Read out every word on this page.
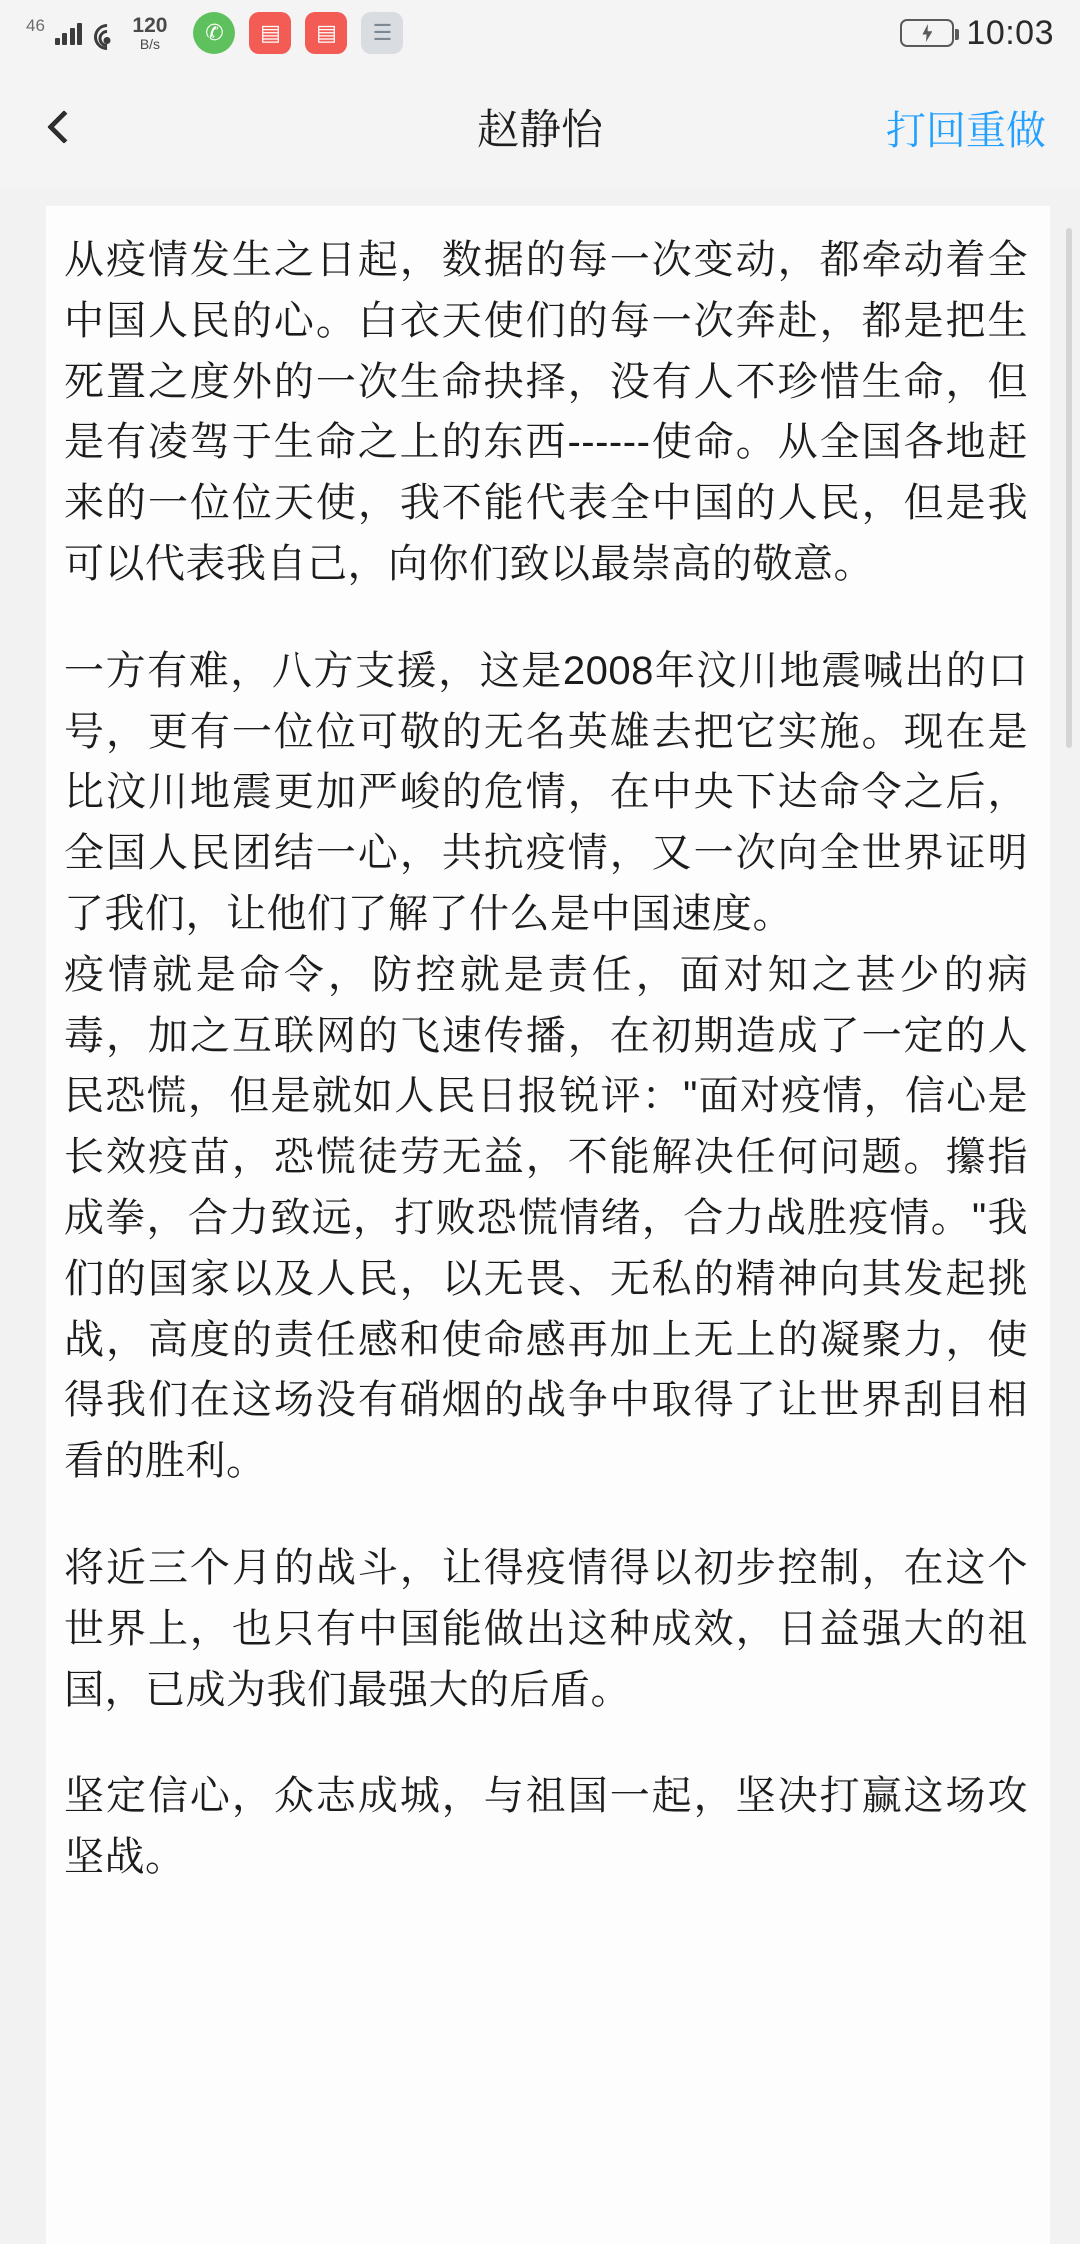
46	120
B/s	✆	▤	▤	☰	10:03
赵静怡	打回重做

从疫情发生之日起，数据的每一次变动，都牵动着全中国人民的心。白衣天使们的每一次奔赴，都是把生死置之度外的一次生命抉择，没有人不珍惜生命，但是有凌驾于生命之上的东西------使命。从全国各地赶来的一位位天使，我不能代表全中国的人民，但是我可以代表我自己，向你们致以最崇高的敬意。

一方有难，八方支援，这是2008年汶川地震喊出的口号，更有一位位可敬的无名英雄去把它实施。现在是比汶川地震更加严峻的危情，在中央下达命令之后，全国人民团结一心，共抗疫情，又一次向全世界证明了我们，让他们了解了什么是中国速度。

疫情就是命令，防控就是责任，面对知之甚少的病毒，加之互联网的飞速传播，在初期造成了一定的人民恐慌，但是就如人民日报锐评："面对疫情，信心是长效疫苗，恐慌徒劳无益，不能解决任何问题。攥指成拳，合力致远，打败恐慌情绪，合力战胜疫情。"我们的国家以及人民，以无畏、无私的精神向其发起挑战，高度的责任感和使命感再加上无上的凝聚力，使得我们在这场没有硝烟的战争中取得了让世界刮目相看的胜利。

将近三个月的战斗，让得疫情得以初步控制，在这个世界上，也只有中国能做出这种成效，日益强大的祖国，已成为我们最强大的后盾。

坚定信心，众志成城，与祖国一起，坚决打赢这场攻坚战。
